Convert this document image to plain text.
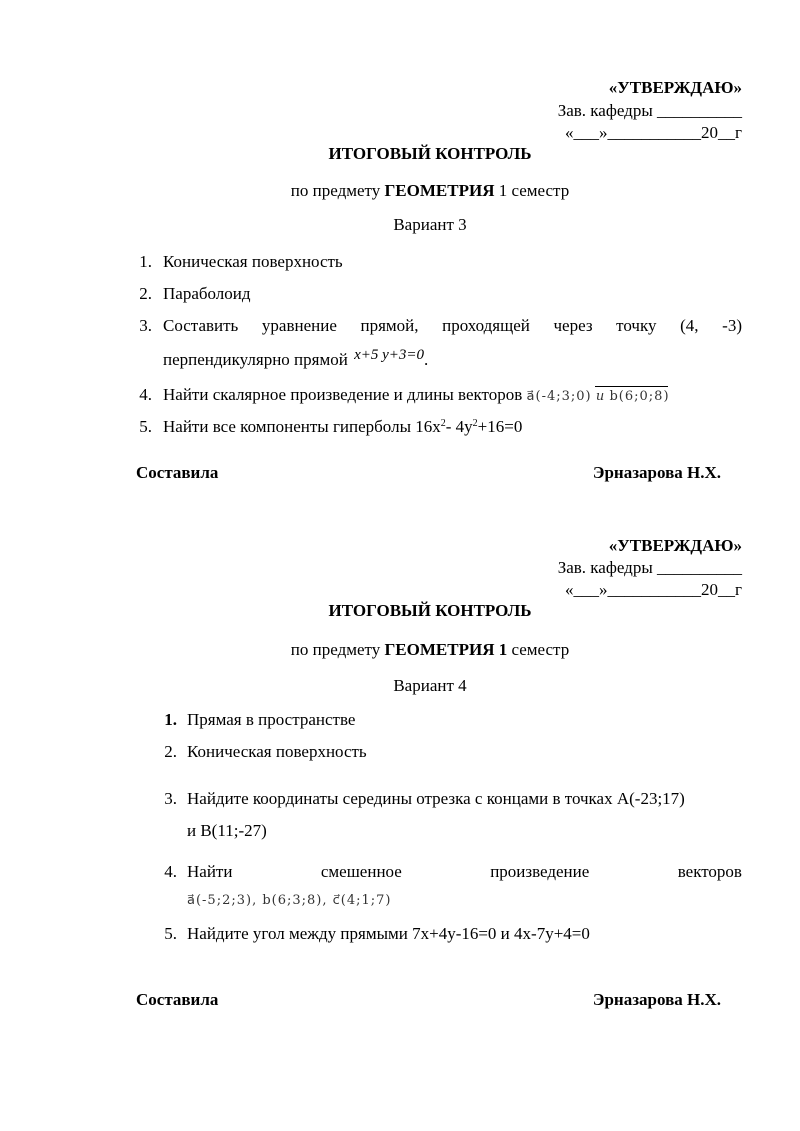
«УТВЕРЖДАЮ»
Зав. кафедры __________
«___»___________20__г
ИТОГОВЫЙ КОНТРОЛЬ
по предмету ГЕОМЕТРИЯ 1 семестр
Вариант 3
1. Коническая поверхность
2. Параболоид
3. Составить уравнение прямой, проходящей через точку (4, -3)
перпендикулярно прямой x+5 y+3=0.
4. Найти скалярное произведение и длины векторов a⃗(-4;3;0) u b(6;0;8)
5. Найти все компоненты гиперболы $16x^2-$ $4y^2+16=0$
Составила	Эрназарова Н.Х.
«УТВЕРЖДАЮ»
Зав. кафедры __________
«___»___________20__г
ИТОГОВЫЙ КОНТРОЛЬ
по предмету ГЕОМЕТРИЯ 1 семестр
Вариант 4
1. Прямая в пространстве
2. Коническая поверхность
3. Найдите координаты середины отрезка с концами в точках А(-23;17)
и В(11;-27)
4. Найти	смешенное	произведение	векторов
a⃗(-5;2;3), b(6;3;8), c⃗(4;1;7)
5. Найдите угол между прямыми 7x+4y-16=0 и 4x-7y+4=0
Составила	Эрназарова Н.Х.
